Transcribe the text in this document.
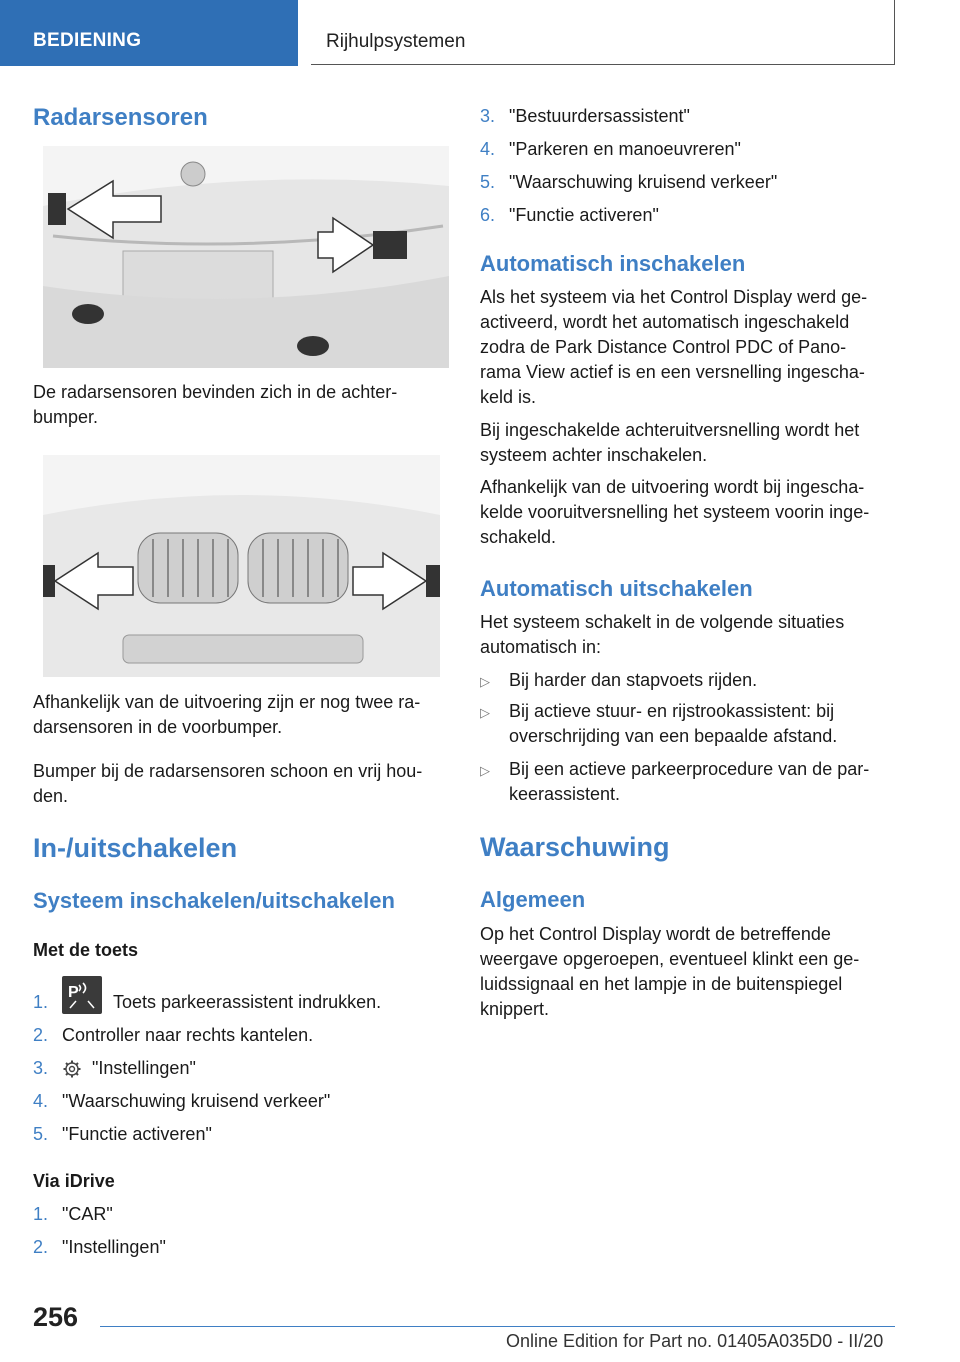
BEDIENING	Rijhulpsystemen
Radarsensoren

De radarsensoren bevinden zich in de achter-
bumper.

Afhankelijk van de uitvoering zijn er nog twee ra-
darsensoren in de voorbumper.

Bumper bij de radarsensoren schoon en vrij hou-
den.

In-/uitschakelen
Systeem inschakelen/uitschakelen
Met de toets
1. P Toets parkeerassistent indrukken.
2. Controller naar rechts kantelen.
3. "Instellingen"
4. "Waarschuwing kruisend verkeer"
5. "Functie activeren"
Via iDrive
1. "CAR"
2. "Instellingen"
3. "Bestuurdersassistent"
4. "Parkeren en manoeuvreren"
5. "Waarschuwing kruisend verkeer"
6. "Functie activeren"
Automatisch inschakelen

Als het systeem via het Control Display werd ge-
activeerd, wordt het automatisch ingeschakeld
zodra de Park Distance Control PDC of Pano-
rama View actief is en een versnelling ingescha-
keld is.

Bij ingeschakelde achteruitversnelling wordt het
systeem achter inschakelen.

Afhankelijk van de uitvoering wordt bij ingescha-
kelde vooruitversnelling het systeem voorin inge-
schakeld.

Automatisch uitschakelen

Het systeem schakelt in de volgende situaties
automatisch in:

▷ Bij harder dan stapvoets rijden.
▷ Bij actieve stuur- en rijstrookassistent: bij
overschrijding van een bepaalde afstand.
▷ Bij een actieve parkeerprocedure van de par-
keerassistent.
Waarschuwing
Algemeen

Op het Control Display wordt de betreffende
weergave opgeroepen, eventueel klinkt een ge-
luidssignaal en het lampje in de buitenspiegel
knippert.

256
Online Edition for Part no. 01405A035D0 - II/20
